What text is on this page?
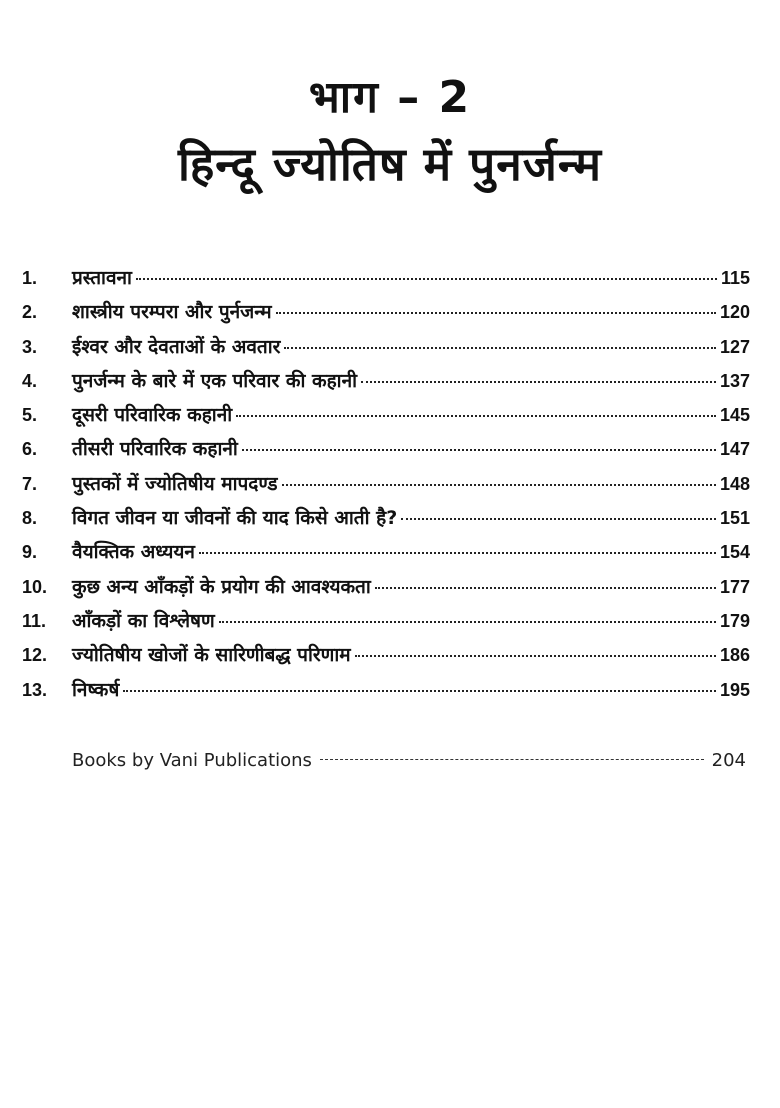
भाग – 2
हिन्दू ज्योतिष में पुनर्जन्म
1.	प्रस्तावना	115
2.	शास्त्रीय परम्परा और पुर्नजन्म	120
3.	ईश्वर और देवताओं के अवतार	127
4.	पुनर्जन्म के बारे में एक परिवार की कहानी	137
5.	दूसरी परिवारिक कहानी	145
6.	तीसरी परिवारिक कहानी	147
7.	पुस्तकों में ज्योतिषीय मापदण्ड	148
8.	विगत जीवन या जीवनों की याद किसे आती है?	151
9.	वैयक्तिक अध्ययन	154
10.	कुछ अन्य आँकड़ों के प्रयोग की आवश्यकता	177
11.	आँकड़ों का विश्लेषण	179
12.	ज्योतिषीय खोजों के सारिणीबद्ध परिणाम	186
13.	निष्कर्ष	195
Books by Vani Publications	204
